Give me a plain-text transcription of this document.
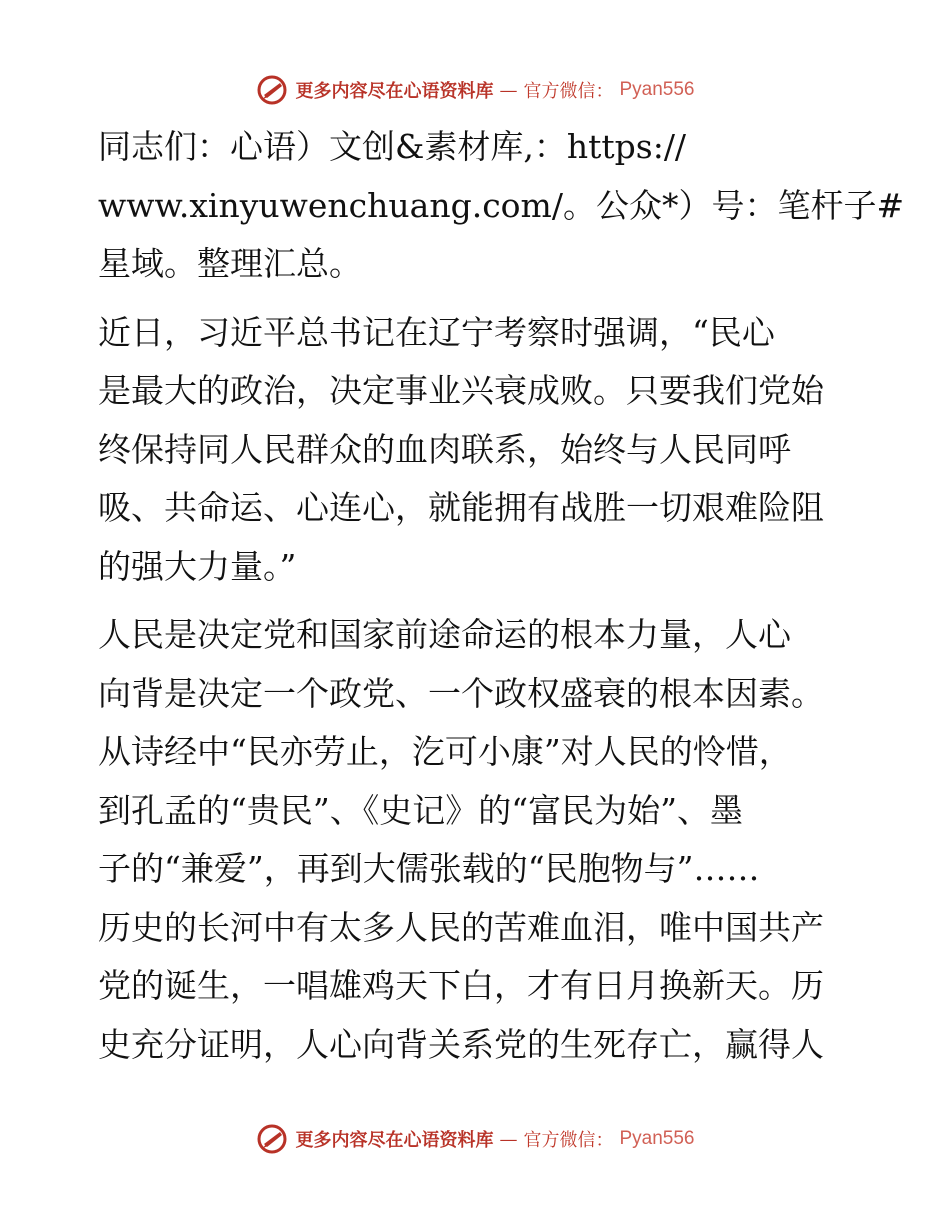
更多内容尽在心语资料库 — 官方微信： Pyan556

同志们：心语）文创&素材库,：https://
www.xinyuwenchuang.com/。公众*）号：笔杆子#
星域。整理汇总。

近日，习近平总书记在辽宁考察时强调，“民心
是最大的政治，决定事业兴衰成败。只要我们党始
终保持同人民群众的血肉联系，始终与人民同呼
吸、共命运、心连心，就能拥有战胜一切艰难险阻
的强大力量。”

人民是决定党和国家前途命运的根本力量，人心
向背是决定一个政党、一个政权盛衰的根本因素。
从诗经中“民亦劳止，汔可小康”对人民的怜惜，
到孔孟的“贵民”、《史记》的“富民为始”、墨
子的“兼爱”，再到大儒张载的“民胞物与”……
历史的长河中有太多人民的苦难血泪，唯中国共产
党的诞生，一唱雄鸡天下白，才有日月换新天。历
史充分证明，人心向背关系党的生死存亡，赢得人

更多内容尽在心语资料库 — 官方微信： Pyan556
